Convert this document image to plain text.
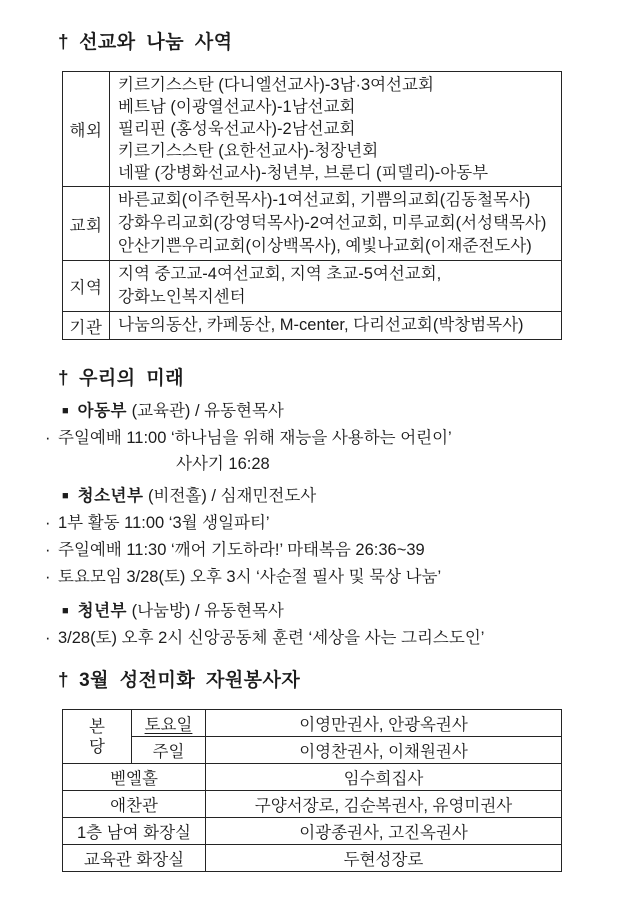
† 선교와 나눔 사역
해외	키르기스스탄 (다니엘선교사)-3남·3여선교회
베트남 (이광열선교사)-1남선교회
필리핀 (홍성욱선교사)-2남선교회
키르기스스탄 (요한선교사)-청장년회
네팔 (강병화선교사)-청년부, 브룬디 (피델리)-아동부

교회	바른교회(이주헌목사)-1여선교회, 기쁨의교회(김동철목사)
강화우리교회(강영덕목사)-2여선교회, 미루교회(서성택목사)
안산기쁜우리교회(이상백목사), 예빛나교회(이재준전도사)

지역	지역 중고교-4여선교회, 지역 초교-5여선교회,
강화노인복지센터

기관	나눔의동산, 카페동산, M-center, 다리선교회(박창범목사)
† 우리의 미래
■ 아동부 (교육관) / 유동현목사
· 주일예배 11:00 ‘하나님을 위해 재능을 사용하는 어린이’
사사기 16:28
■ 청소년부 (비전홀) / 심재민전도사
· 1부 활동 11:00 ‘3월 생일파티’
· 주일예배 11:30 ‘깨어 기도하라!’ 마태복음 26:36~39
· 토요모임 3/28(토) 오후 3시 ‘사순절 필사 및 묵상 나눔’
■ 청년부 (나눔방) / 유동현목사
· 3/28(토) 오후 2시 신앙공동체 훈련 ‘세상을 사는 그리스도인’
† 3월 성전미화 자원봉사자
본당	토요일	이영만권사, 안광옥권사
	주일	이영찬권사, 이채원권사
벧엘홀		임수희집사
애찬관		구양서장로, 김순복권사, 유영미권사
1층 남여 화장실		이광종권사, 고진옥권사
교육관 화장실		두현성장로
